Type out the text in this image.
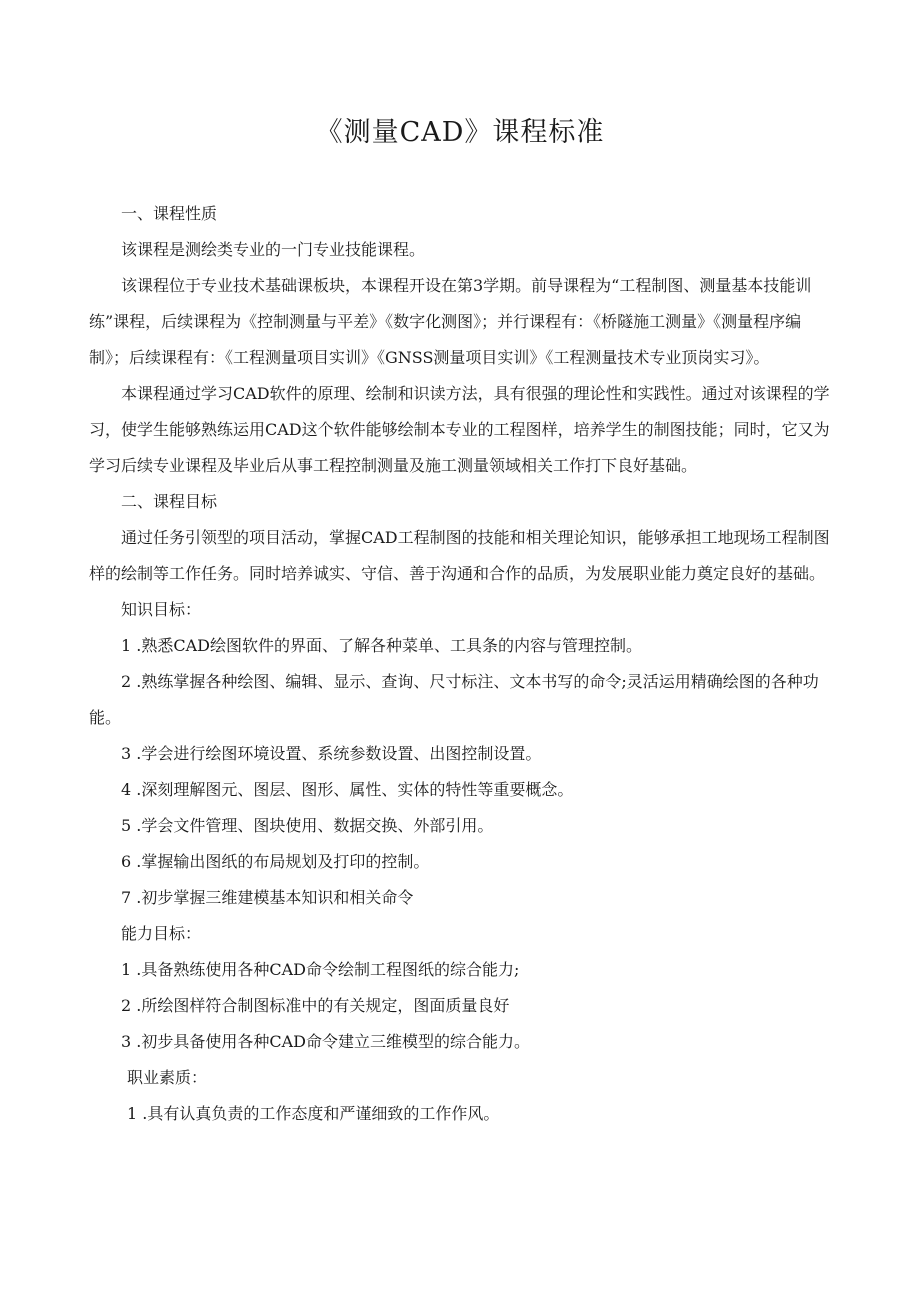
《测量CAD》课程标准

一、课程性质

该课程是测绘类专业的一门专业技能课程。

该课程位于专业技术基础课板块，本课程开设在第3学期。前导课程为“工程制图、测量基本技能训练”课程，后续课程为《控制测量与平差》《数字化测图》；并行课程有：《桥隧施工测量》《测量程序编制》；后续课程有：《工程测量项目实训》《GNSS测量项目实训》《工程测量技术专业顶岗实习》。

本课程通过学习CAD软件的原理、绘制和识读方法，具有很强的理论性和实践性。通过对该课程的学习，使学生能够熟练运用CAD这个软件能够绘制本专业的工程图样，培养学生的制图技能；同时，它又为学习后续专业课程及毕业后从事工程控制测量及施工测量领域相关工作打下良好基础。

二、课程目标

通过任务引领型的项目活动，掌握CAD工程制图的技能和相关理论知识，能够承担工地现场工程制图样的绘制等工作任务。同时培养诚实、守信、善于沟通和合作的品质，为发展职业能力奠定良好的基础。

知识目标：

1 .熟悉CAD绘图软件的界面、了解各种菜单、工具条的内容与管理控制。

2 .熟练掌握各种绘图、编辑、显示、查询、尺寸标注、文本书写的命令;灵活运用精确绘图的各种功能。

3 .学会进行绘图环境设置、系统参数设置、出图控制设置。

4 .深刻理解图元、图层、图形、属性、实体的特性等重要概念。

5 .学会文件管理、图块使用、数据交换、外部引用。

6 .掌握输出图纸的布局规划及打印的控制。

7 .初步掌握三维建模基本知识和相关命令

能力目标：

1 .具备熟练使用各种CAD命令绘制工程图纸的综合能力;

2 .所绘图样符合制图标准中的有关规定，图面质量良好

3 .初步具备使用各种CAD命令建立三维模型的综合能力。

职业素质：

1 .具有认真负责的工作态度和严谨细致的工作作风。
